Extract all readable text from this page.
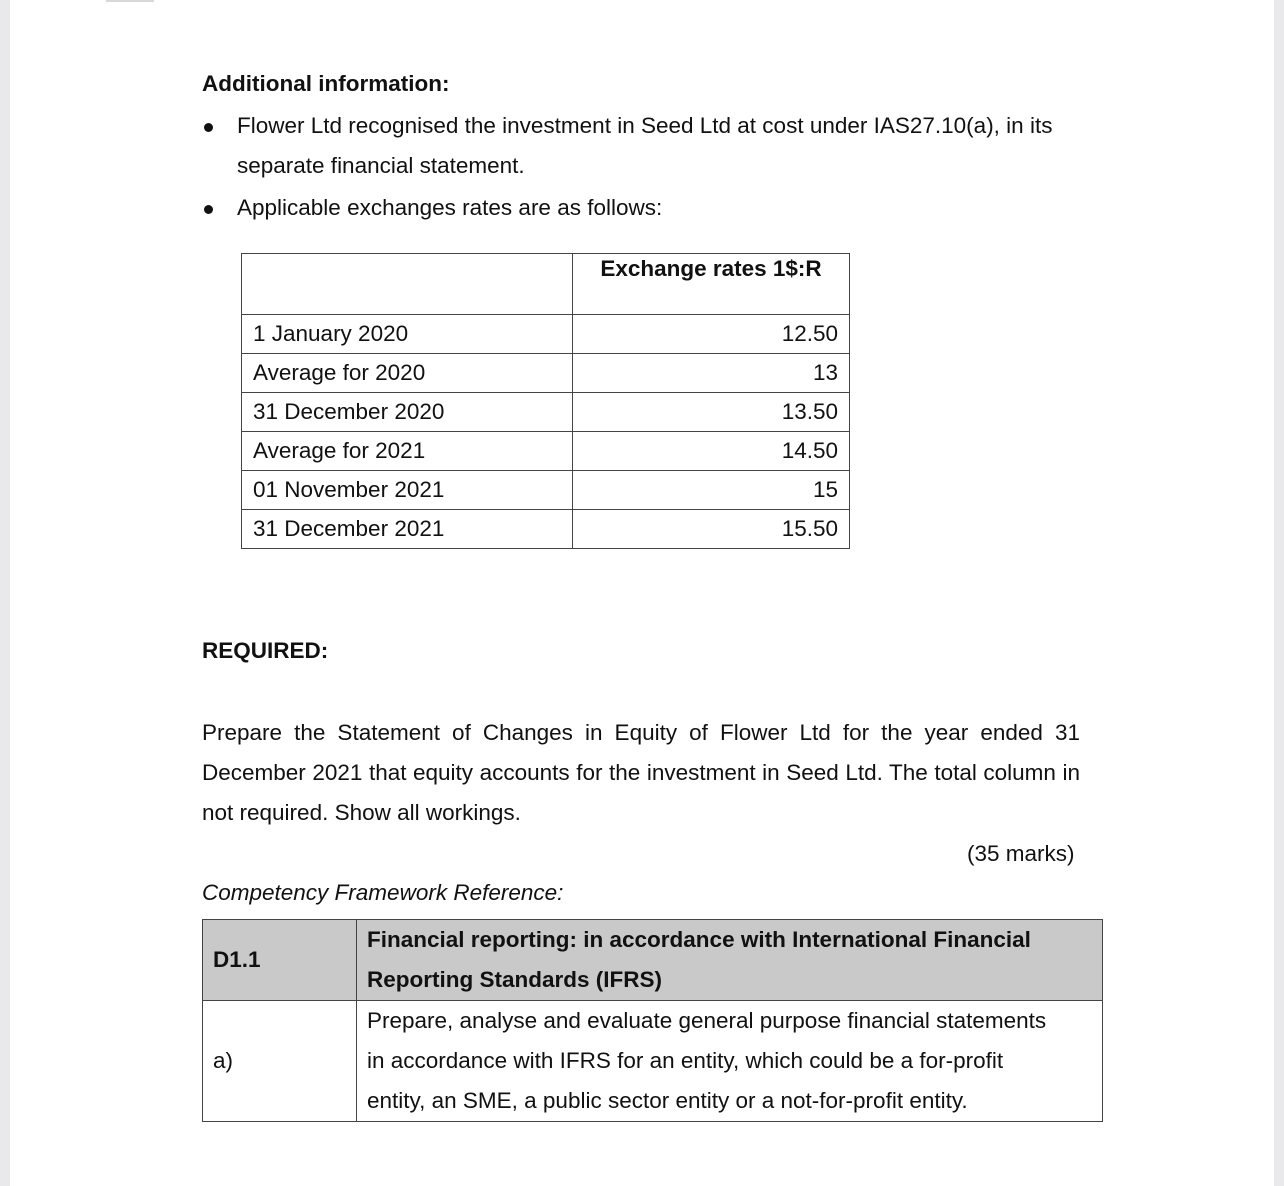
Additional information:
Flower Ltd recognised the investment in Seed Ltd at cost under IAS27.10(a), in its
separate financial statement.
Applicable exchanges rates are as follows:
	Exchange rates 1$:R
1 January 2020	12.50
Average for 2020	13
31 December 2020	13.50
Average for 2021	14.50
01 November 2021	15
31 December 2021	15.50
REQUIRED:
Prepare the Statement of Changes in Equity of Flower Ltd for the year ended 31 December 2021 that equity accounts for the investment in Seed Ltd. The total column in not required. Show all workings.
(35 marks)
Competency Framework Reference:
D1.1	Financial reporting: in accordance with International Financial
Reporting Standards (IFRS)

a)	Prepare, analyse and evaluate general purpose financial statements
in accordance with IFRS for an entity, which could be a for-profit
entity, an SME, a public sector entity or a not-for-profit entity.
